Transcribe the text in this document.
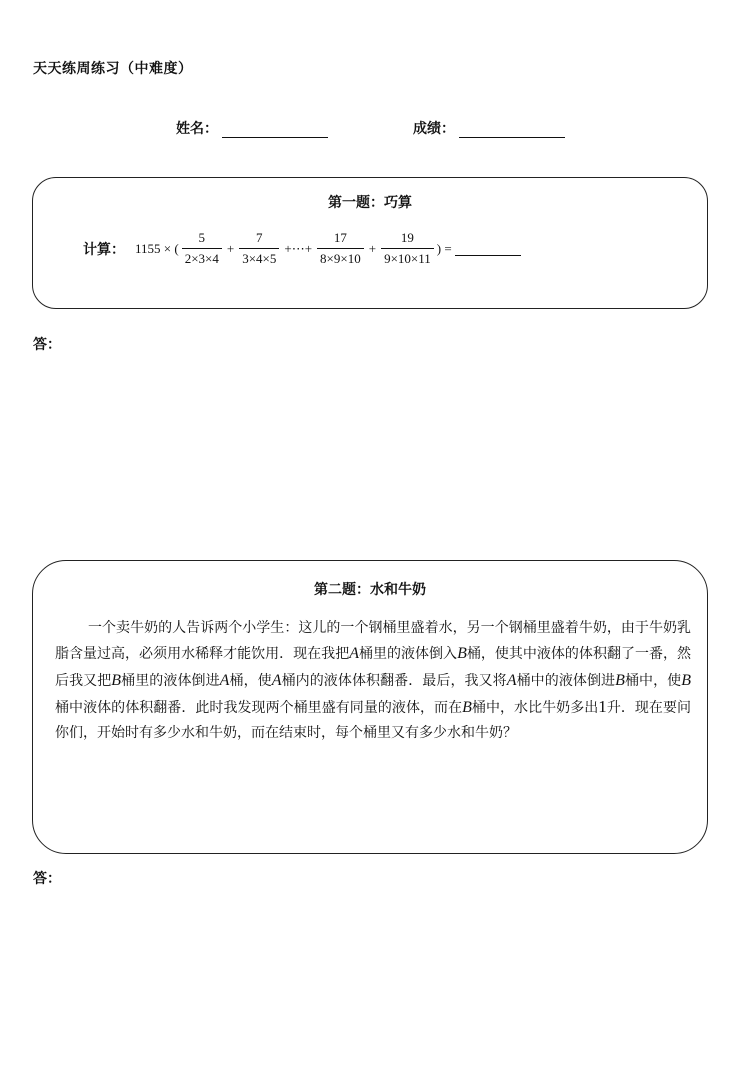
天天练周练习（中难度）
姓名：	成绩：
第一题：巧算
计算： 1155 × ( $\frac{5}{2\times 3\times 4} + \frac{7}{3\times 4\times 5}$ +⋯+ $\frac{17}{8\times 9\times 10} + \frac{19}{9\times 10\times 11}$ ) =
答：
第二题：水和牛奶
一个卖牛奶的人告诉两个小学生：这儿的一个钢桶里盛着水，另一个钢桶里盛着牛奶，由于牛奶乳脂含量过高，必须用水稀释才能饮用．现在我把A桶里的液体倒入B桶，使其中液体的体积翻了一番，然后我又把B桶里的液体倒进A桶，使A桶内的液体体积翻番．最后，我又将A桶中的液体倒进B桶中，使B桶中液体的体积翻番．此时我发现两个桶里盛有同量的液体，而在B桶中，水比牛奶多出1升．现在要问你们，开始时有多少水和牛奶，而在结束时，每个桶里又有多少水和牛奶？
答：
